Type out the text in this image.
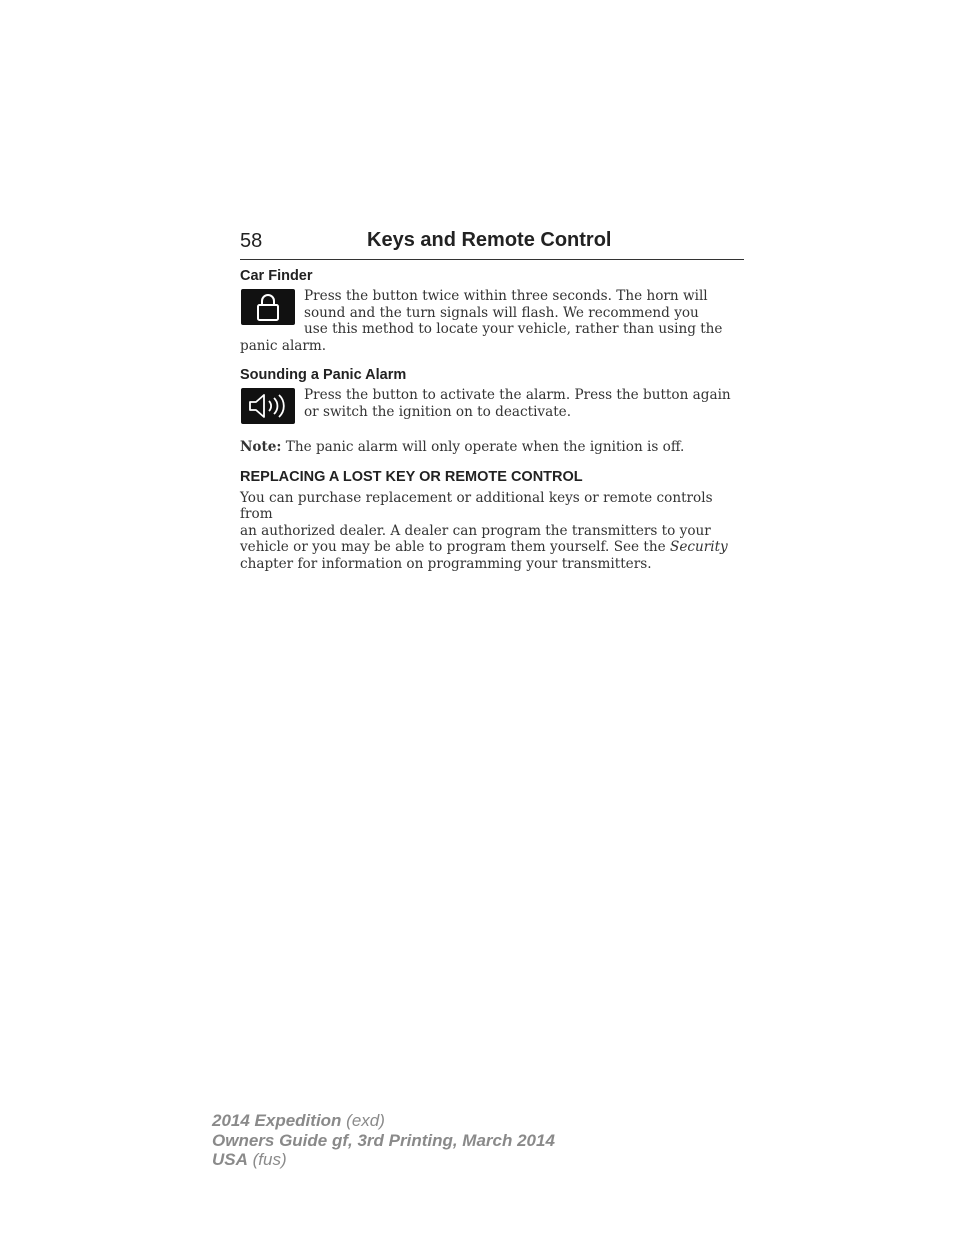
58	Keys and Remote Control
Car Finder

Press the button twice within three seconds. The horn will

sound and the turn signals will flash. We recommend you

use this method to locate your vehicle, rather than using the

panic alarm.

Sounding a Panic Alarm

Press the button to activate the alarm. Press the button again

or switch the ignition on to deactivate.

Note: The panic alarm will only operate when the ignition is off.

REPLACING A LOST KEY OR REMOTE CONTROL

You can purchase replacement or additional keys or remote controls from

an authorized dealer. A dealer can program the transmitters to your

vehicle or you may be able to program them yourself. See the Security

chapter for information on programming your transmitters.

2014 Expedition (exd)
Owners Guide gf, 3rd Printing, March 2014
USA (fus)
